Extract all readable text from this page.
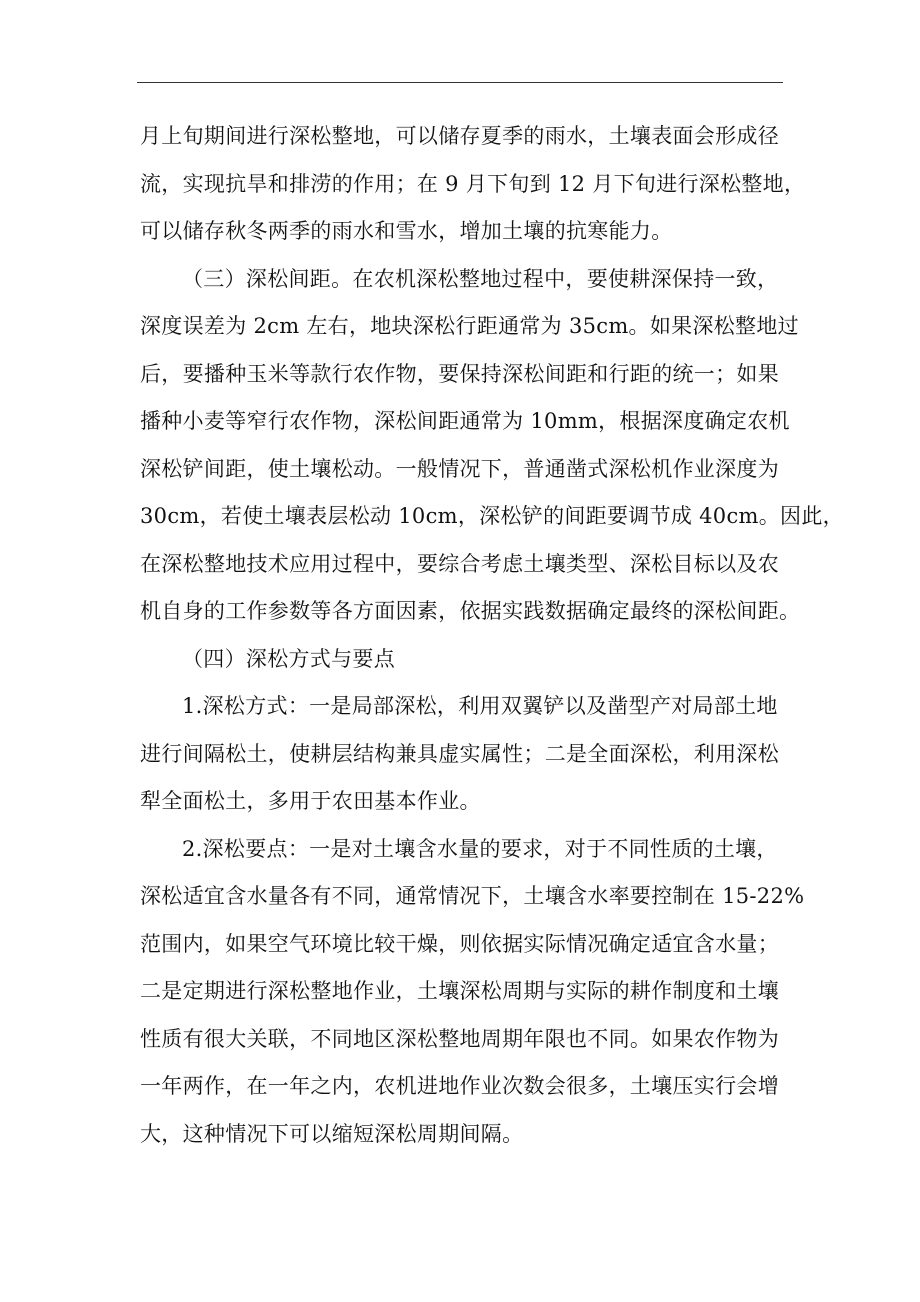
月上旬期间进行深松整地，可以储存夏季的雨水，土壤表面会形成径
流，实现抗旱和排涝的作用；在 9 月下旬到 12 月下旬进行深松整地，
可以储存秋冬两季的雨水和雪水，增加土壤的抗寒能力。

（三）深松间距。在农机深松整地过程中，要使耕深保持一致，
深度误差为 2cm 左右，地块深松行距通常为 35cm。如果深松整地过
后，要播种玉米等款行农作物，要保持深松间距和行距的统一；如果
播种小麦等窄行农作物，深松间距通常为 10mm，根据深度确定农机
深松铲间距，使土壤松动。一般情况下，普通凿式深松机作业深度为
30cm，若使土壤表层松动 10cm，深松铲的间距要调节成 40cm。因此，
在深松整地技术应用过程中，要综合考虑土壤类型、深松目标以及农
机自身的工作参数等各方面因素，依据实践数据确定最终的深松间距。

（四）深松方式与要点

1.深松方式：一是局部深松，利用双翼铲以及凿型产对局部土地
进行间隔松土，使耕层结构兼具虚实属性；二是全面深松，利用深松
犁全面松土，多用于农田基本作业。

2.深松要点：一是对土壤含水量的要求，对于不同性质的土壤，
深松适宜含水量各有不同，通常情况下，土壤含水率要控制在 15-22%
范围内，如果空气环境比较干燥，则依据实际情况确定适宜含水量；
二是定期进行深松整地作业，土壤深松周期与实际的耕作制度和土壤
性质有很大关联，不同地区深松整地周期年限也不同。如果农作物为
一年两作，在一年之内，农机进地作业次数会很多，土壤压实行会增
大，这种情况下可以缩短深松周期间隔。
